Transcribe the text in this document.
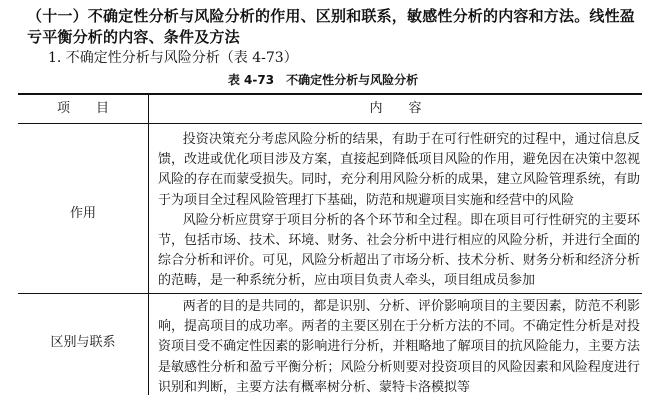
（十一）不确定性分析与风险分析的作用、区别和联系，敏感性分析的内容和方法。线性盈亏平衡分析的内容、条件及方法

1. 不确定性分析与风险分析（表 4-73）

表 4-73 不确定性分析与风险分析
项　　目	内　　容
作用

投资决策充分考虑风险分析的结果，有助于在可行性研究的过程中，通过信息反馈，改进或优化项目涉及方案，直接起到降低项目风险的作用，避免因在决策中忽视风险的存在而蒙受损失。同时，充分利用风险分析的成果，建立风险管理系统，有助于为项目全过程风险管理打下基础，防范和规避项目实施和经营中的风险

风险分析应贯穿于项目分析的各个环节和全过程。即在项目可行性研究的主要环节，包括市场、技术、环境、财务、社会分析中进行相应的风险分析，并进行全面的综合分析和评价。可见，风险分析超出了市场分析、技术分析、财务分析和经济分析的范畴，是一种系统分析，应由项目负责人牵头，项目组成员参加

区别与联系

两者的目的是共同的，都是识别、分析、评价影响项目的主要因素，防范不利影响，提高项目的成功率。两者的主要区别在于分析方法的不同。不确定性分析是对投资项目受不确定性因素的影响进行分析，并粗略地了解项目的抗风险能力，主要方法是敏感性分析和盈亏平衡分析；风险分析则要对投资项目的风险因素和风险程度进行识别和判断，主要方法有概率树分析、蒙特卡洛模拟等
